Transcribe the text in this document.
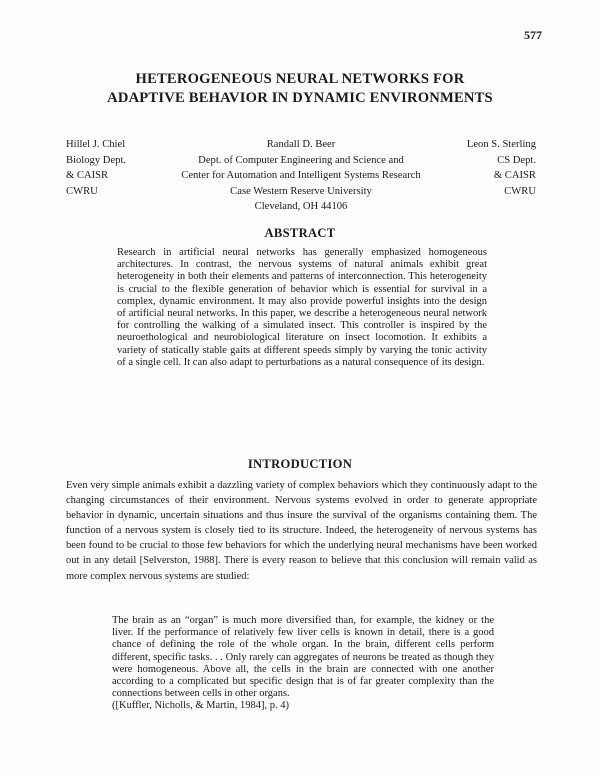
577
HETEROGENEOUS NEURAL NETWORKS FOR
ADAPTIVE BEHAVIOR IN DYNAMIC ENVIRONMENTS
Hillel J. Chiel
Biology Dept.
& CAISR
CWRU
Randall D. Beer
Dept. of Computer Engineering and Science and
Center for Automation and Intelligent Systems Research
Case Western Reserve University
Cleveland, OH 44106
Leon S. Sterling
CS Dept.
& CAISR
CWRU
ABSTRACT
Research in artificial neural networks has generally emphasized homogeneous architectures. In contrast, the nervous systems of natural animals exhibit great heterogeneity in both their elements and patterns of interconnection. This heterogeneity is crucial to the flexible generation of behavior which is essential for survival in a complex, dynamic environment. It may also provide powerful insights into the design of artificial neural networks. In this paper, we describe a heterogeneous neural network for controlling the walking of a simulated insect. This controller is inspired by the neuroethological and neurobiological literature on insect locomotion. It exhibits a variety of statically stable gaits at different speeds simply by varying the tonic activity of a single cell. It can also adapt to perturbations as a natural consequence of its design.
INTRODUCTION
Even very simple animals exhibit a dazzling variety of complex behaviors which they continuously adapt to the changing circumstances of their environment. Nervous systems evolved in order to generate appropriate behavior in dynamic, uncertain situations and thus insure the survival of the organisms containing them. The function of a nervous system is closely tied to its structure. Indeed, the heterogeneity of nervous systems has been found to be crucial to those few behaviors for which the underlying neural mechanisms have been worked out in any detail [Selverston, 1988]. There is every reason to believe that this conclusion will remain valid as more complex nervous systems are studied:
The brain as an “organ” is much more diversified than, for example, the kidney or the liver. If the performance of relatively few liver cells is known in detail, there is a good chance of defining the role of the whole organ. In the brain, different cells perform different, specific tasks. . . Only rarely can aggregates of neurons be treated as though they were homogeneous. Above all, the cells in the brain are connected with one another according to a complicated but specific design that is of far greater complexity than the connections between cells in other organs.
([Kuffler, Nicholls, & Martin, 1984], p. 4)
